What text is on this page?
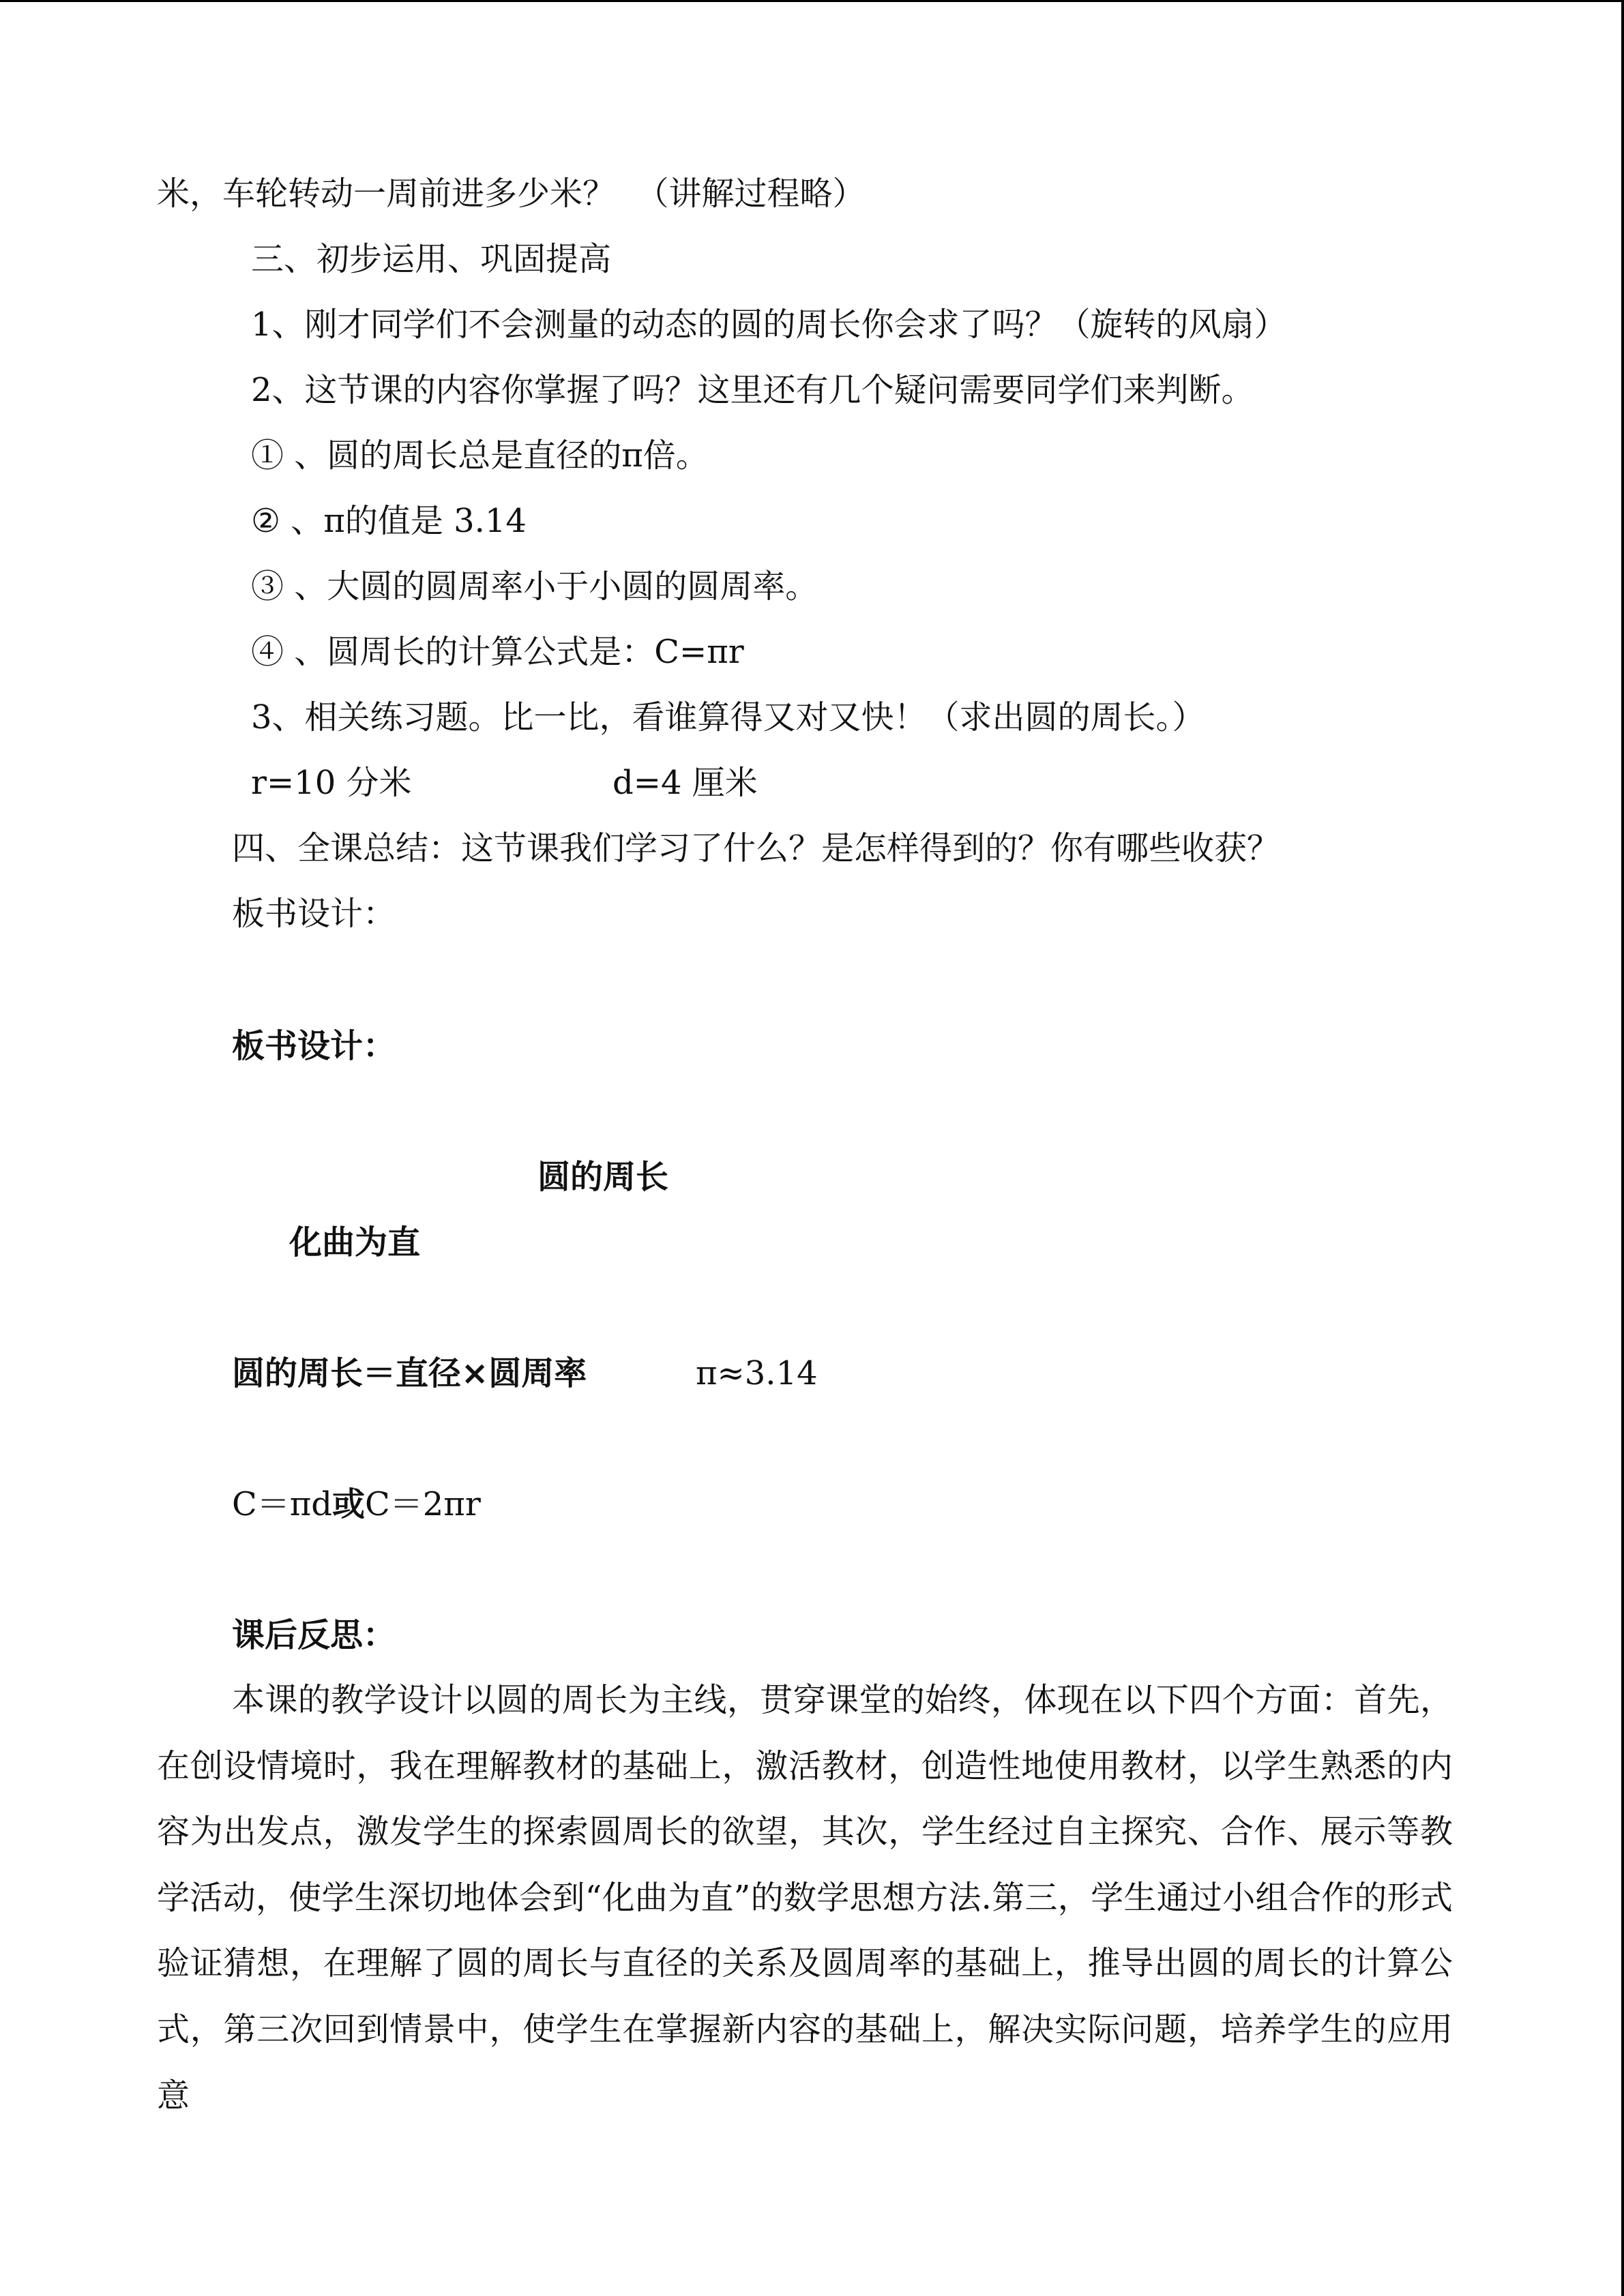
米，车轮转动一周前进多少米？  （讲解过程略）
三、初步运用、巩固提高
1、刚才同学们不会测量的动态的圆的周长你会求了吗？（旋转的风扇）
2、这节课的内容你掌握了吗？这里还有几个疑问需要同学们来判断。
① 、圆的周长总是直径的π倍。
② 、π的值是 3.14
③ 、大圆的圆周率小于小圆的圆周率。
④ 、圆周长的计算公式是：C=πr
3、相关练习题。比一比，看谁算得又对又快！（求出圆的周长。）
r=10 分米	d=4 厘米
四、全课总结：这节课我们学习了什么？是怎样得到的？你有哪些收获？
板书设计：
板书设计：
圆的周长
化曲为直
圆的周长＝直径×圆周率	π≈3.14
C＝πd或C＝2πr
课后反思：
本课的教学设计以圆的周长为主线，贯穿课堂的始终，体现在以下四个方面：首先，在创设情境时，我在理解教材的基础上，激活教材，创造性地使用教材，以学生熟悉的内容为出发点，激发学生的探索圆周长的欲望，其次，学生经过自主探究、合作、展示等教学活动，使学生深切地体会到“化曲为直”的数学思想方法.第三，学生通过小组合作的形式验证猜想，在理解了圆的周长与直径的关系及圆周率的基础上，推导出圆的周长的计算公式，第三次回到情景中，使学生在掌握新内容的基础上，解决实际问题，培养学生的应用意
